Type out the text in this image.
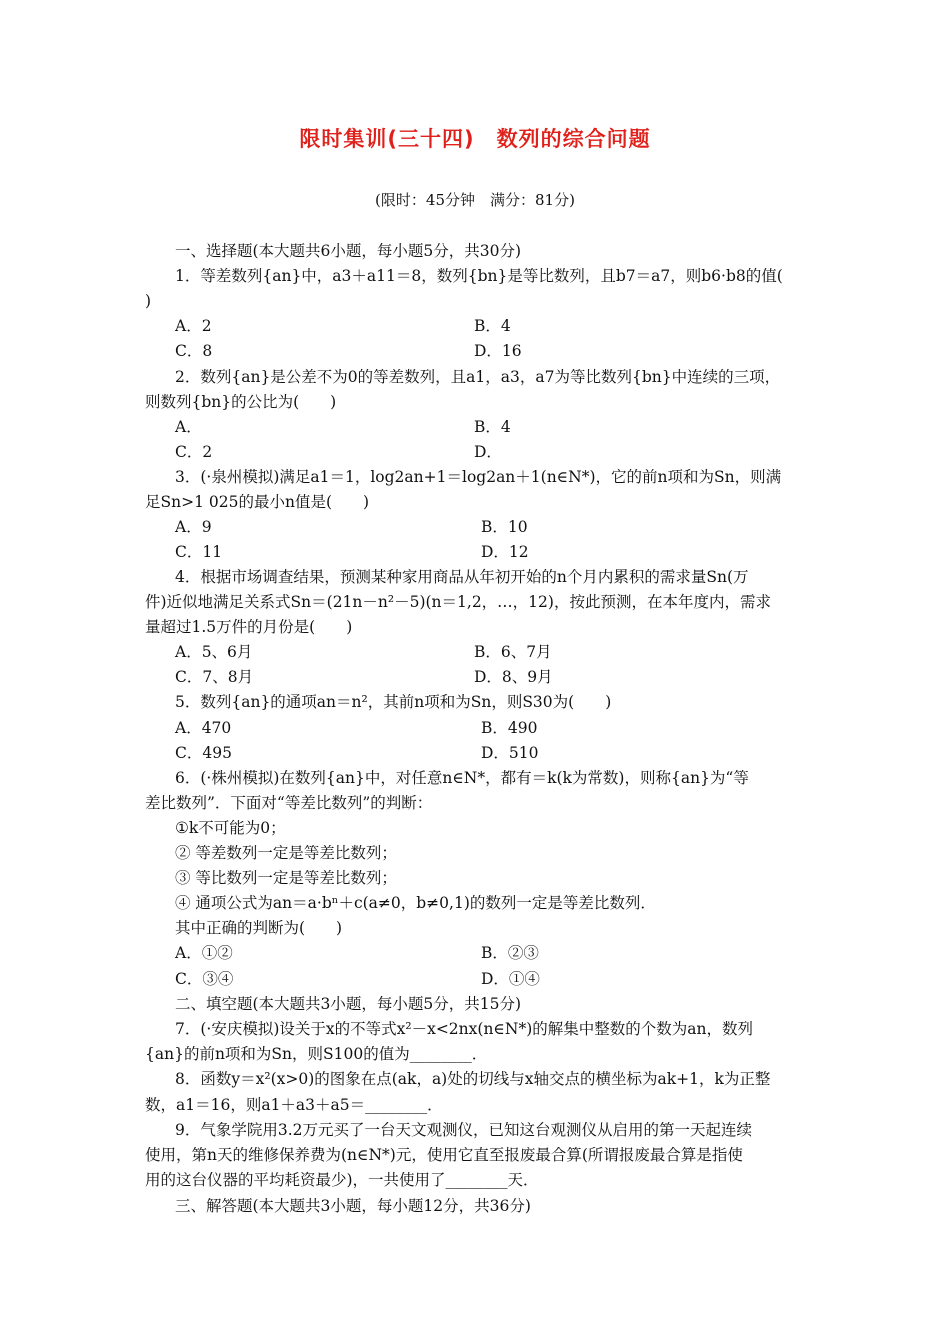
限时集训(三十四)　数列的综合问题
(限时：45分钟　满分：81分)
一、选择题(本大题共6小题，每小题5分，共30分)
1．等差数列{an}中，a3＋a11＝8，数列{bn}是等比数列，且b7＝a7，则b6·b8的值(
)
A．2	B．4
C．8	D．16
2．数列{an}是公差不为0的等差数列，且a1，a3，a7为等比数列{bn}中连续的三项，
则数列{bn}的公比为(　　)
A．	B．4
C．2	D．
3．(·泉州模拟)满足a1＝1，log2an+1＝log2an＋1(n∈N*)，它的前n项和为Sn，则满
足Sn>1 025的最小n值是(　　)
A．9	B．10
C．11	D．12
4．根据市场调查结果，预测某种家用商品从年初开始的n个月内累积的需求量Sn(万
件)近似地满足关系式Sn＝(21n－n²－5)(n＝1,2，…，12)，按此预测，在本年度内，需求
量超过1.5万件的月份是(　　)
A．5、6月	B．6、7月
C．7、8月	D．8、9月
5．数列{an}的通项an＝n²，其前n项和为Sn，则S30为(　　)
A．470	B．490
C．495	D．510
6．(·株州模拟)在数列{an}中，对任意n∈N*，都有＝k(k为常数)，则称{an}为“等
差比数列”．下面对“等差比数列”的判断：
①k不可能为0；
② 等差数列一定是等差比数列；
③ 等比数列一定是等差比数列；
④ 通项公式为an＝a·bⁿ＋c(a≠0，b≠0,1)的数列一定是等差比数列．
其中正确的判断为(　　)
A．①②	B．②③
C．③④	D．①④
二、填空题(本大题共3小题，每小题5分，共15分)
7．(·安庆模拟)设关于x的不等式x²－x<2nx(n∈N*)的解集中整数的个数为an，数列
{an}的前n项和为Sn，则S100的值为________．
8．函数y＝x²(x>0)的图象在点(ak，a)处的切线与x轴交点的横坐标为ak+1，k为正整
数，a1＝16，则a1＋a3＋a5＝________．
9．气象学院用3.2万元买了一台天文观测仪，已知这台观测仪从启用的第一天起连续
使用，第n天的维修保养费为(n∈N*)元，使用它直至报废最合算(所谓报废最合算是指使
用的这台仪器的平均耗资最少)，一共使用了________天．
三、解答题(本大题共3小题，每小题12分，共36分)
